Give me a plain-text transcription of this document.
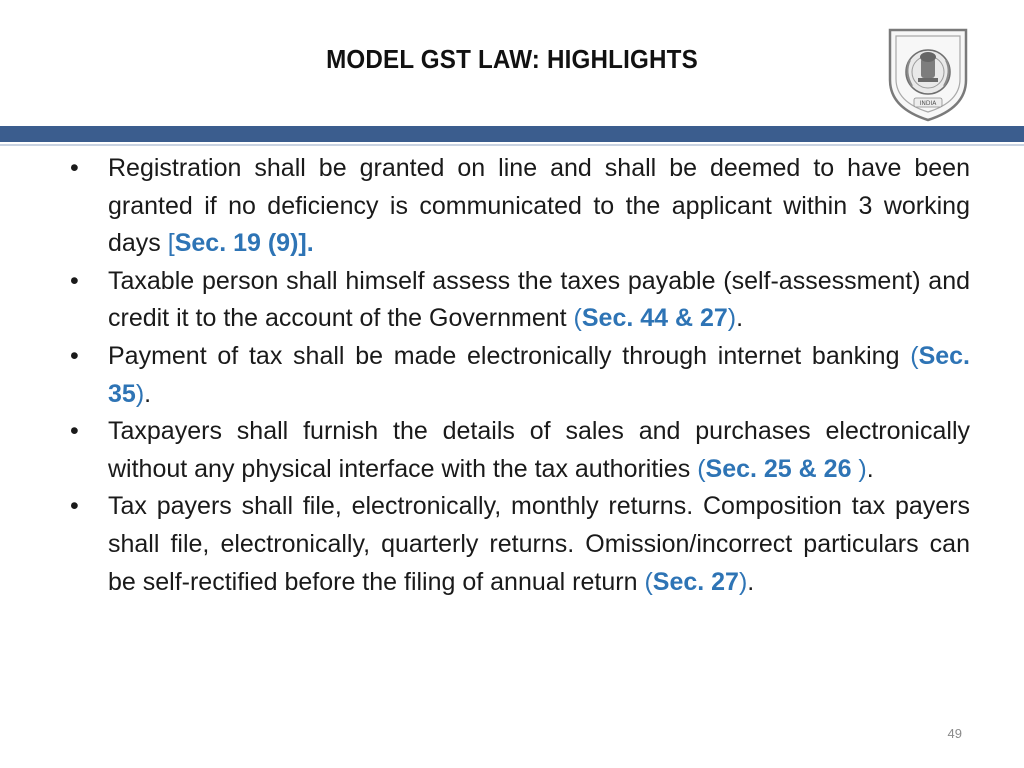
MODEL GST LAW: HIGHLIGHTS
INDIA
•	Registration shall be granted on line and shall be deemed to have been granted if no deficiency is communicated to the applicant within 3 working days [Sec. 19 (9)].
•	Taxable person shall himself assess the taxes payable (self-assessment) and credit it to the account of the Government (Sec. 44 & 27).
•	Payment of tax shall be made electronically through internet banking (Sec. 35).
•	Taxpayers shall furnish the details of sales and purchases electronically without any physical interface with the tax authorities (Sec. 25 & 26 ).
•	Tax payers shall file, electronically, monthly returns. Composition tax payers shall file, electronically, quarterly returns. Omission/incorrect particulars can be self-rectified before the filing of annual return (Sec. 27).
49
